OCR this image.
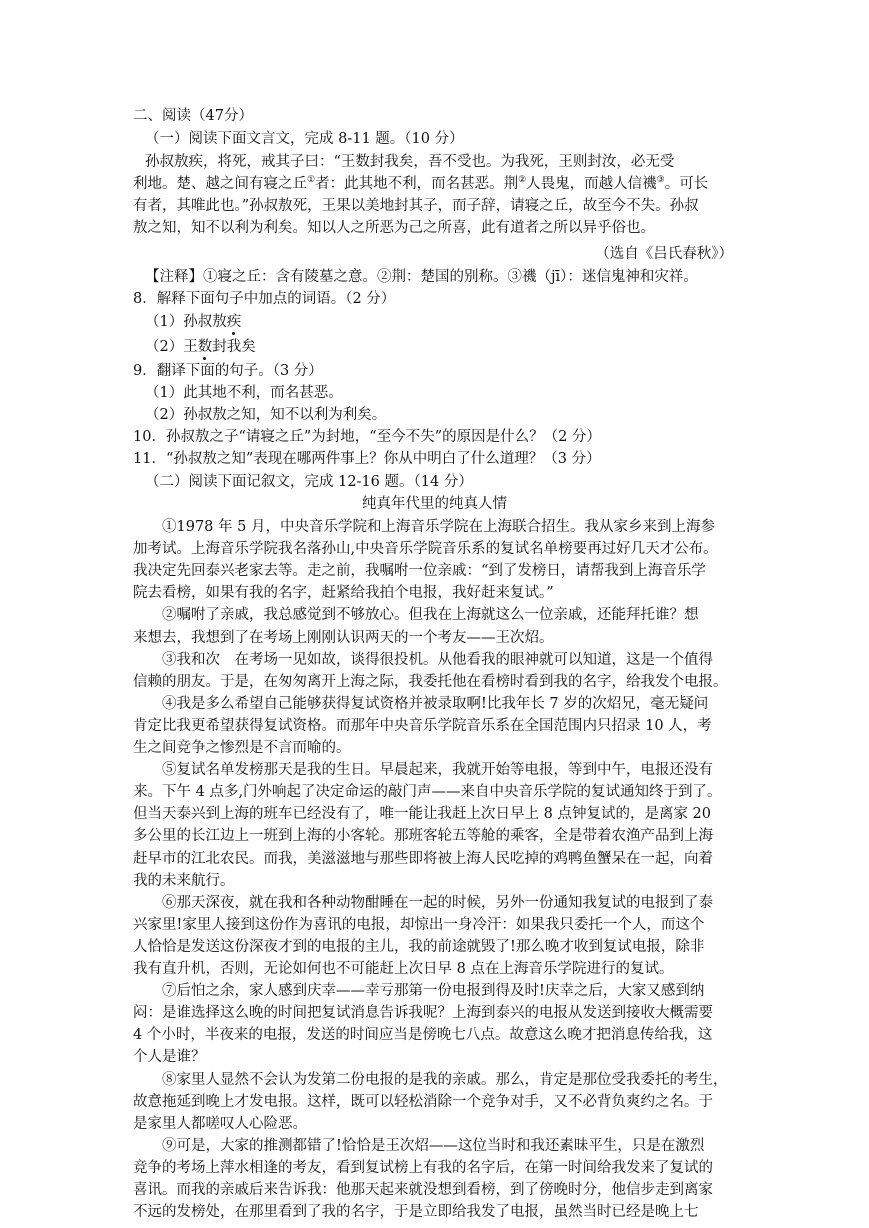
二、阅读（47分）
（一）阅读下面文言文，完成 8-11 题。（10 分）
孙叔敖疾，将死，戒其子曰：“王数封我矣，吾不受也。为我死，王则封汝，必无受
利地。楚、越之间有寝之丘①者：此其地不利，而名甚恶。荆②人畏鬼，而越人信禨③。可长
有者，其唯此也。”孙叔敖死，王果以美地封其子，而子辞，请寝之丘，故至今不失。孙叔
敖之知，知不以利为利矣。知以人之所恶为己之所喜，此有道者之所以异乎俗也。
（选自《吕氏春秋》）
【注释】①寝之丘：含有陵墓之意。②荆：楚国的别称。③禨（jī）：迷信鬼神和灾祥。
8．解释下面句子中加点的词语。（2 分）
（1）孙叔敖疾
（2）王数封我矣
9．翻译下面的句子。（3 分）
（1）此其地不利，而名甚恶。
（2）孙叔敖之知，知不以利为利矣。
10．孙叔敖之子“请寝之丘”为封地，“至今不失”的原因是什么？（2 分）
11．“孙叔敖之知”表现在哪两件事上？你从中明白了什么道理？（3 分）
（二）阅读下面记叙文，完成 12-16 题。（14 分）
纯真年代里的纯真人情
①1978 年 5 月，中央音乐学院和上海音乐学院在上海联合招生。我从家乡来到上海参
加考试。上海音乐学院我名落孙山,中央音乐学院音乐系的复试名单榜要再过好几天才公布。
我决定先回泰兴老家去等。走之前，我嘱咐一位亲戚：“到了发榜日，请帮我到上海音乐学
院去看榜，如果有我的名字，赶紧给我拍个电报，我好赶来复试。”
②嘱咐了亲戚，我总感觉到不够放心。但我在上海就这么一位亲戚，还能拜托谁？想
来想去，我想到了在考场上刚刚认识两天的一个考友——王次炤。
③我和次　在考场一见如故，谈得很投机。从他看我的眼神就可以知道，这是一个值得
信赖的朋友。于是，在匆匆离开上海之际，我委托他在看榜时看到我的名字，给我发个电报。
④我是多么希望自己能够获得复试资格并被录取啊!比我年长 7 岁的次炤兄，毫无疑问
肯定比我更希望获得复试资格。而那年中央音乐学院音乐系在全国范围内只招录 10 人，考
生之间竞争之惨烈是不言而喻的。
⑤复试名单发榜那天是我的生日。早晨起来，我就开始等电报，等到中午，电报还没有
来。下午 4 点多,门外响起了决定命运的敲门声——来自中央音乐学院的复试通知终于到了。
但当天泰兴到上海的班车已经没有了，唯一能让我赶上次日早上 8 点钟复试的，是离家 20
多公里的长江边上一班到上海的小客轮。那班客轮五等舱的乘客，全是带着农渔产品到上海
赶早市的江北农民。而我，美滋滋地与那些即将被上海人民吃掉的鸡鸭鱼蟹呆在一起，向着
我的未来航行。
⑥那天深夜，就在我和各种动物酣睡在一起的时候，另外一份通知我复试的电报到了泰
兴家里!家里人接到这份作为喜讯的电报，却惊出一身冷汗：如果我只委托一个人，而这个
人恰恰是发送这份深夜才到的电报的主儿，我的前途就毁了!那么晚才收到复试电报，除非
我有直升机，否则，无论如何也不可能赶上次日早 8 点在上海音乐学院进行的复试。
⑦后怕之余，家人感到庆幸——幸亏那第一份电报到得及时!庆幸之后，大家又感到纳
闷：是谁选择这么晚的时间把复试消息告诉我呢？上海到泰兴的电报从发送到接收大概需要
4 个小时，半夜来的电报，发送的时间应当是傍晚七八点。故意这么晚才把消息传给我，这
个人是谁？
⑧家里人显然不会认为发第二份电报的是我的亲戚。那么，肯定是那位受我委托的考生，
故意拖延到晚上才发电报。这样，既可以轻松消除一个竞争对手，又不必背负爽约之名。于
是家里人都嗟叹人心险恶。
⑨可是，大家的推测都错了!恰恰是王次炤——这位当时和我还素昧平生，只是在激烈
竞争的考场上萍水相逢的考友，看到复试榜上有我的名字后，在第一时间给我发来了复试的
喜讯。而我的亲戚后来告诉我：他那天起来就没想到看榜，到了傍晚时分，他信步走到离家
不远的发榜处，在那里看到了我的名字，于是立即给我发了电报，虽然当时已经是晚上七
